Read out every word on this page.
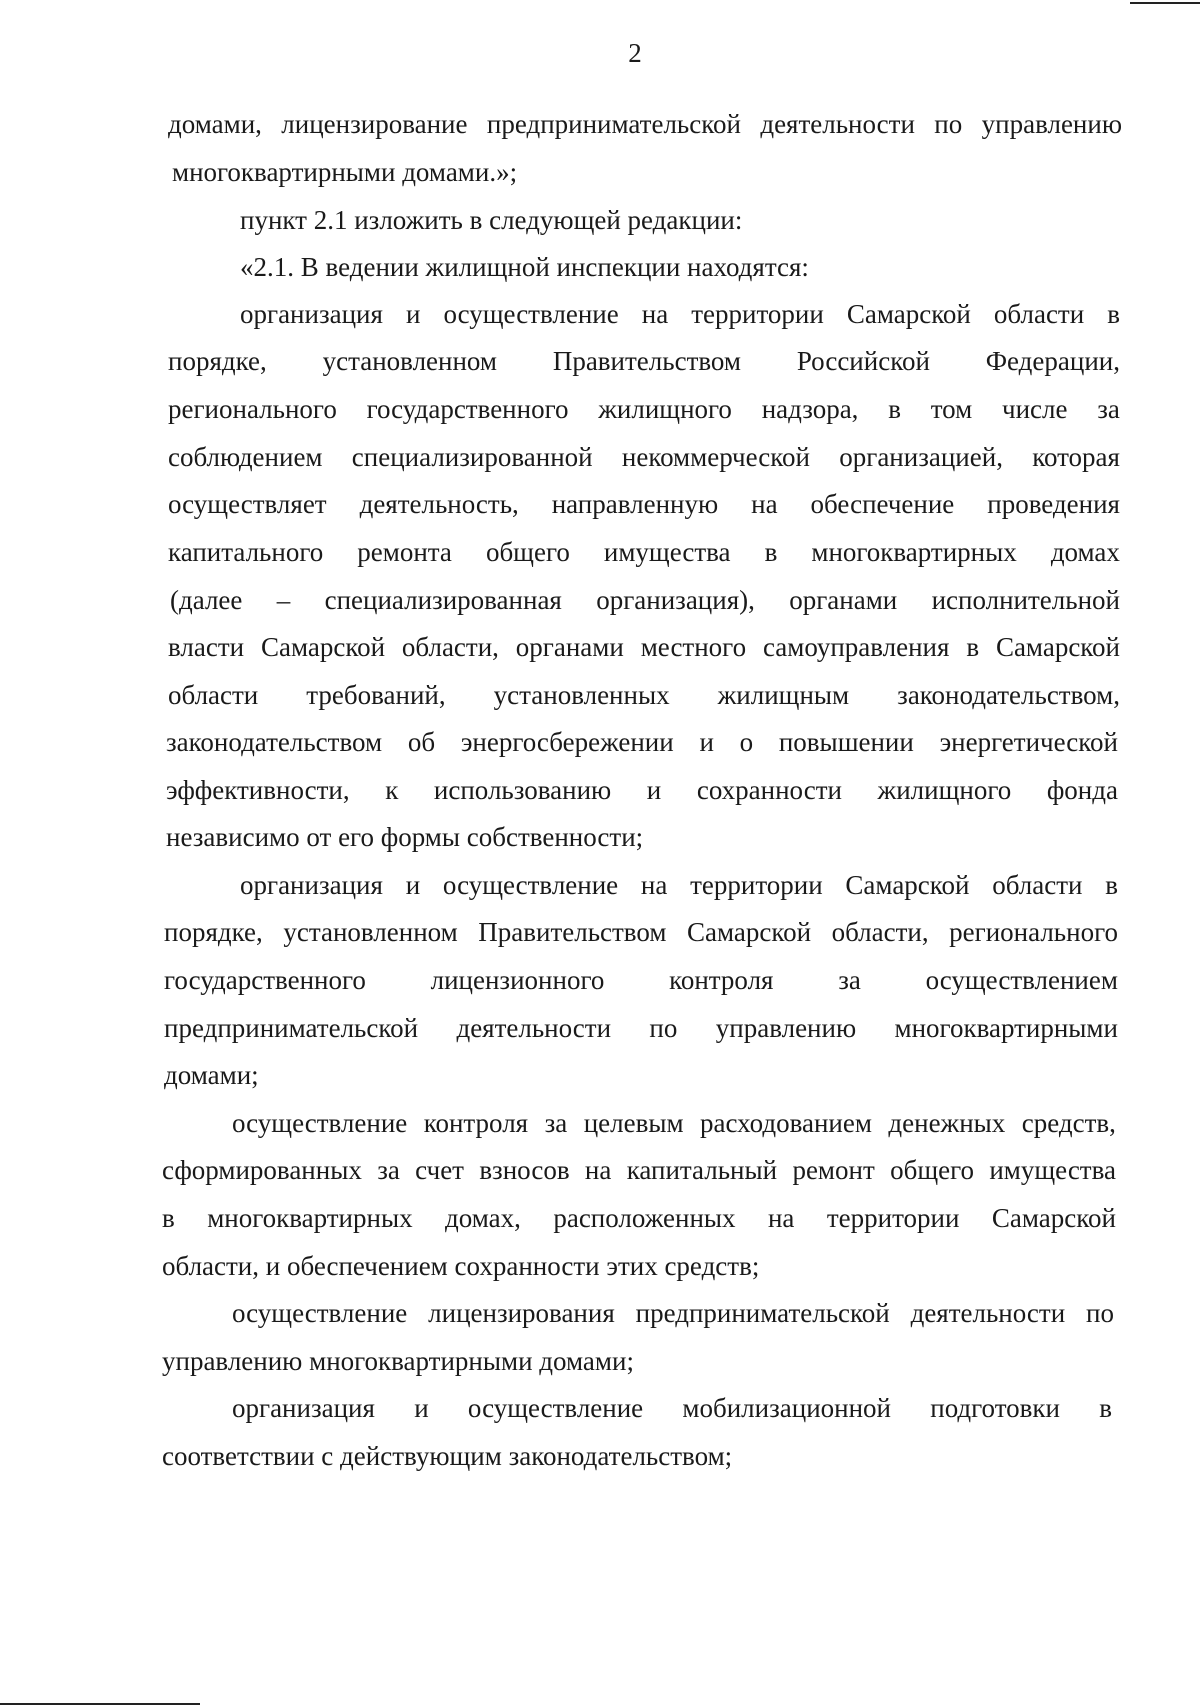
2
домами, лицензирование предпринимательской деятельности по управлению
многоквартирными домами.»;
пункт 2.1 изложить в следующей редакции:
«2.1. В ведении жилищной инспекции находятся:
организация и осуществление на территории Самарской области в
порядке, установленном Правительством Российской Федерации,
регионального государственного жилищного надзора, в том числе за
соблюдением специализированной некоммерческой организацией, которая
осуществляет деятельность, направленную на обеспечение проведения
капитального ремонта общего имущества в многоквартирных домах
(далее – специализированная организация), органами исполнительной
власти Самарской области, органами местного самоуправления в Самарской
области требований, установленных жилищным законодательством,
законодательством об энергосбережении и о повышении энергетической
эффективности, к использованию и сохранности жилищного фонда
независимо от его формы собственности;
организация и осуществление на территории Самарской области в
порядке, установленном Правительством Самарской области, регионального
государственного лицензионного контроля за осуществлением
предпринимательской деятельности по управлению многоквартирными
домами;
осуществление контроля за целевым расходованием денежных средств,
сформированных за счет взносов на капитальный ремонт общего имущества
в многоквартирных домах, расположенных на территории Самарской
области, и обеспечением сохранности этих средств;
осуществление лицензирования предпринимательской деятельности по
управлению многоквартирными домами;
организация и осуществление мобилизационной подготовки в
соответствии с действующим законодательством;
